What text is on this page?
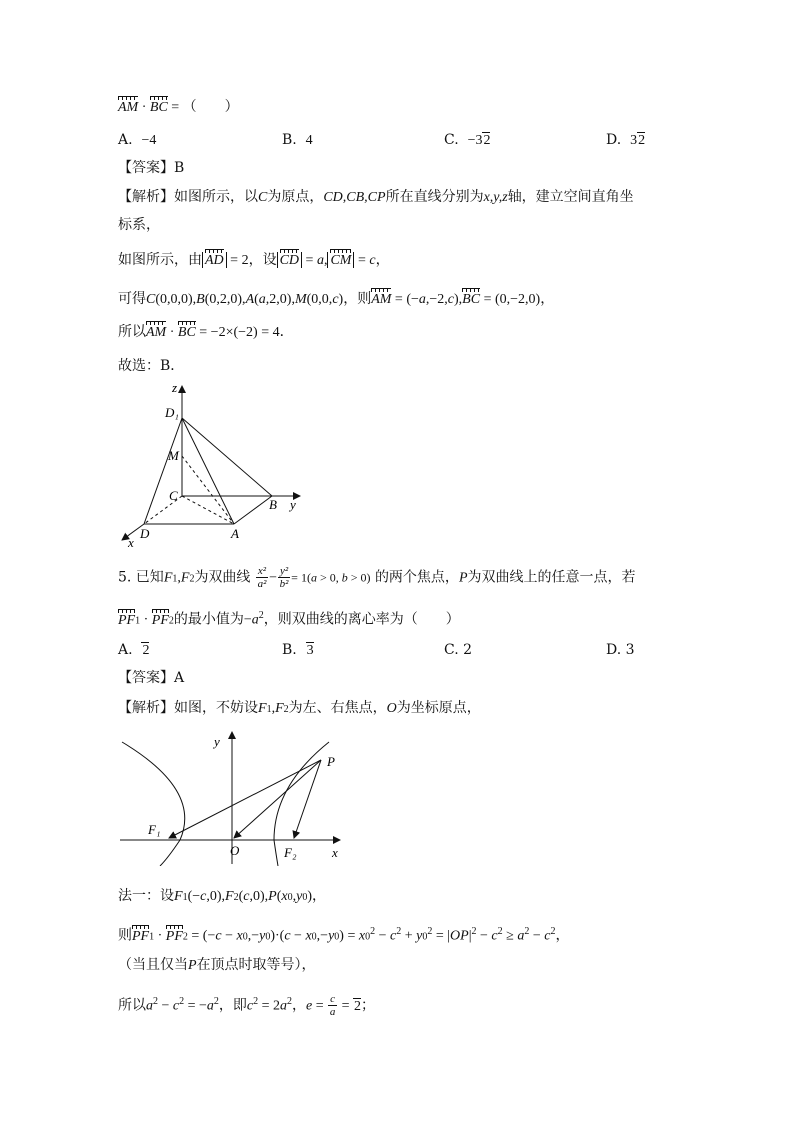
AM · BC = （　　）
A. −4	B. 4	C. −32	D. 32
【答案】B
【解析】如图所示，以C为原点，CD,CB,CP所在直线分别为x,y,z轴，建立空间直角坐
标系，
如图所示，由 AD = 2，设 CD = a, CM = c，
可得C(0,0,0),B(0,2,0),A(a,2,0),M(0,0,c)，则AM = (−a,−2,c),BC = (0,−2,0)，
所以AM · BC = −2×(−2) = 4．
故选：B．
z
D₁
M
C
B y
A
D
x
5. 已知F1,F2为双曲线 $\frac{\text{x²}}{\text{a²}} - \frac{\text{y²}}{\text{b²}} = 1(a > 0$, b > 0) 的两个焦点，P为双曲线上的任意一点，若
PF1 · PF2的最小值为$-a^2$，则双曲线的离心率为（　　）
A. 2	B. 3	C. 2	D. 3
【答案】A
【解析】如图，不妨设F1,F2为左、右焦点，O为坐标原点，
y
P
F₁
O	F₂	x
法一：设F1(−c,0),F2(c,0),P(x0,y0)，
则$PF1 \cdot PF2 = (-c - x0,-y0)\cdot(c - x0,-y0) = x0^2 - c^2 + y0^2 = |OP|^2 - c^2 \ge a^2 - c^2$，
（当且仅当P在顶点时取等号），
所以$a^2 - c^2 = -a^2$，即$c^2 = 2a^2$，$e = \frac{c}{a} = 2$；
